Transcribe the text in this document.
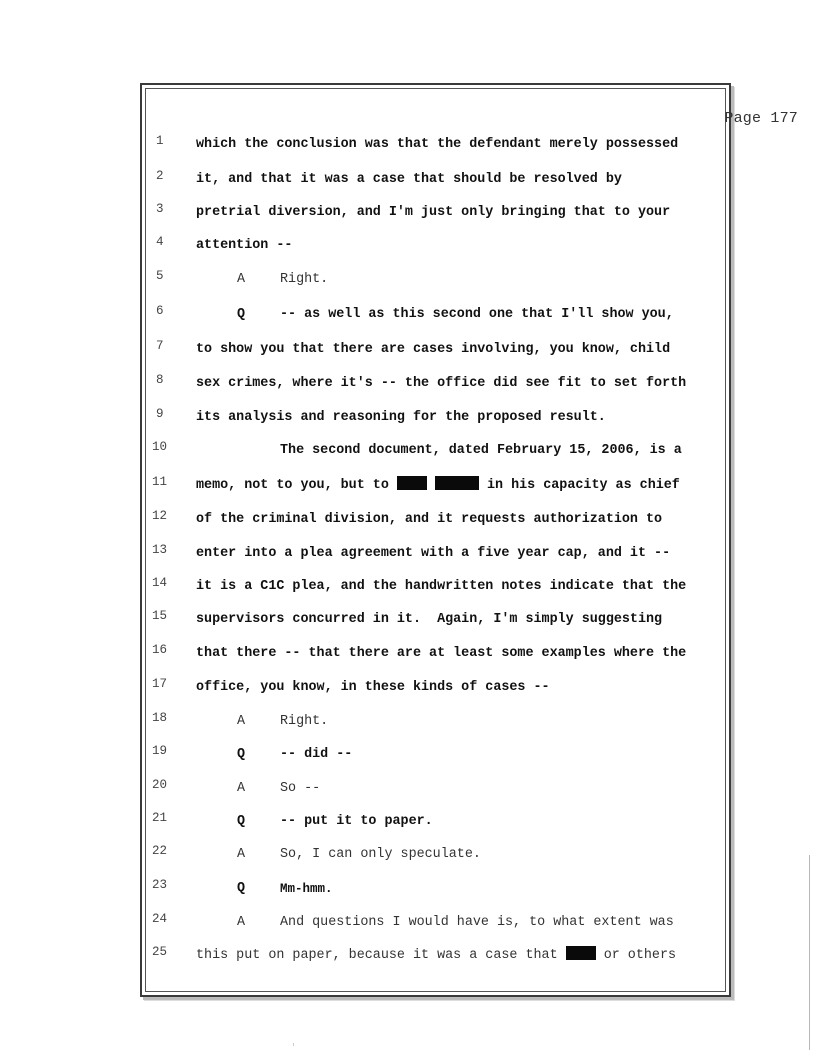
Page 177

1

which the conclusion was that the defendant merely possessed

2

it, and that it was a case that should be resolved by

3

pretrial diversion, and I'm just only bringing that to your

4

attention --

5

	A

	Right.

6

	Q

	-- as well as this second one that I'll show you,

7

to show you that there are cases involving, you know, child

8

sex crimes, where it's -- the office did see fit to set forth

9

its analysis and reasoning for the proposed result.

10

	The second document, dated February 15, 2006, is a

11

memo, not to you, but to	in his capacity as chief

12

of the criminal division, and it requests authorization to

13

enter into a plea agreement with a five year cap, and it --

14

it is a C1C plea, and the handwritten notes indicate that the

15

supervisors concurred in it.  Again, I'm simply suggesting

16

that there -- that there are at least some examples where the

17

office, you know, in these kinds of cases --

18

	A

	Right.

19

	Q

	-- did --

20

	A

	So --

21

	Q

	-- put it to paper.

22

	A

	So, I can only speculate.

23

	Q

	Mm-hmm.

24

	A

	And questions I would have is, to what extent was

25

this put on paper, because it was a case that  or others
